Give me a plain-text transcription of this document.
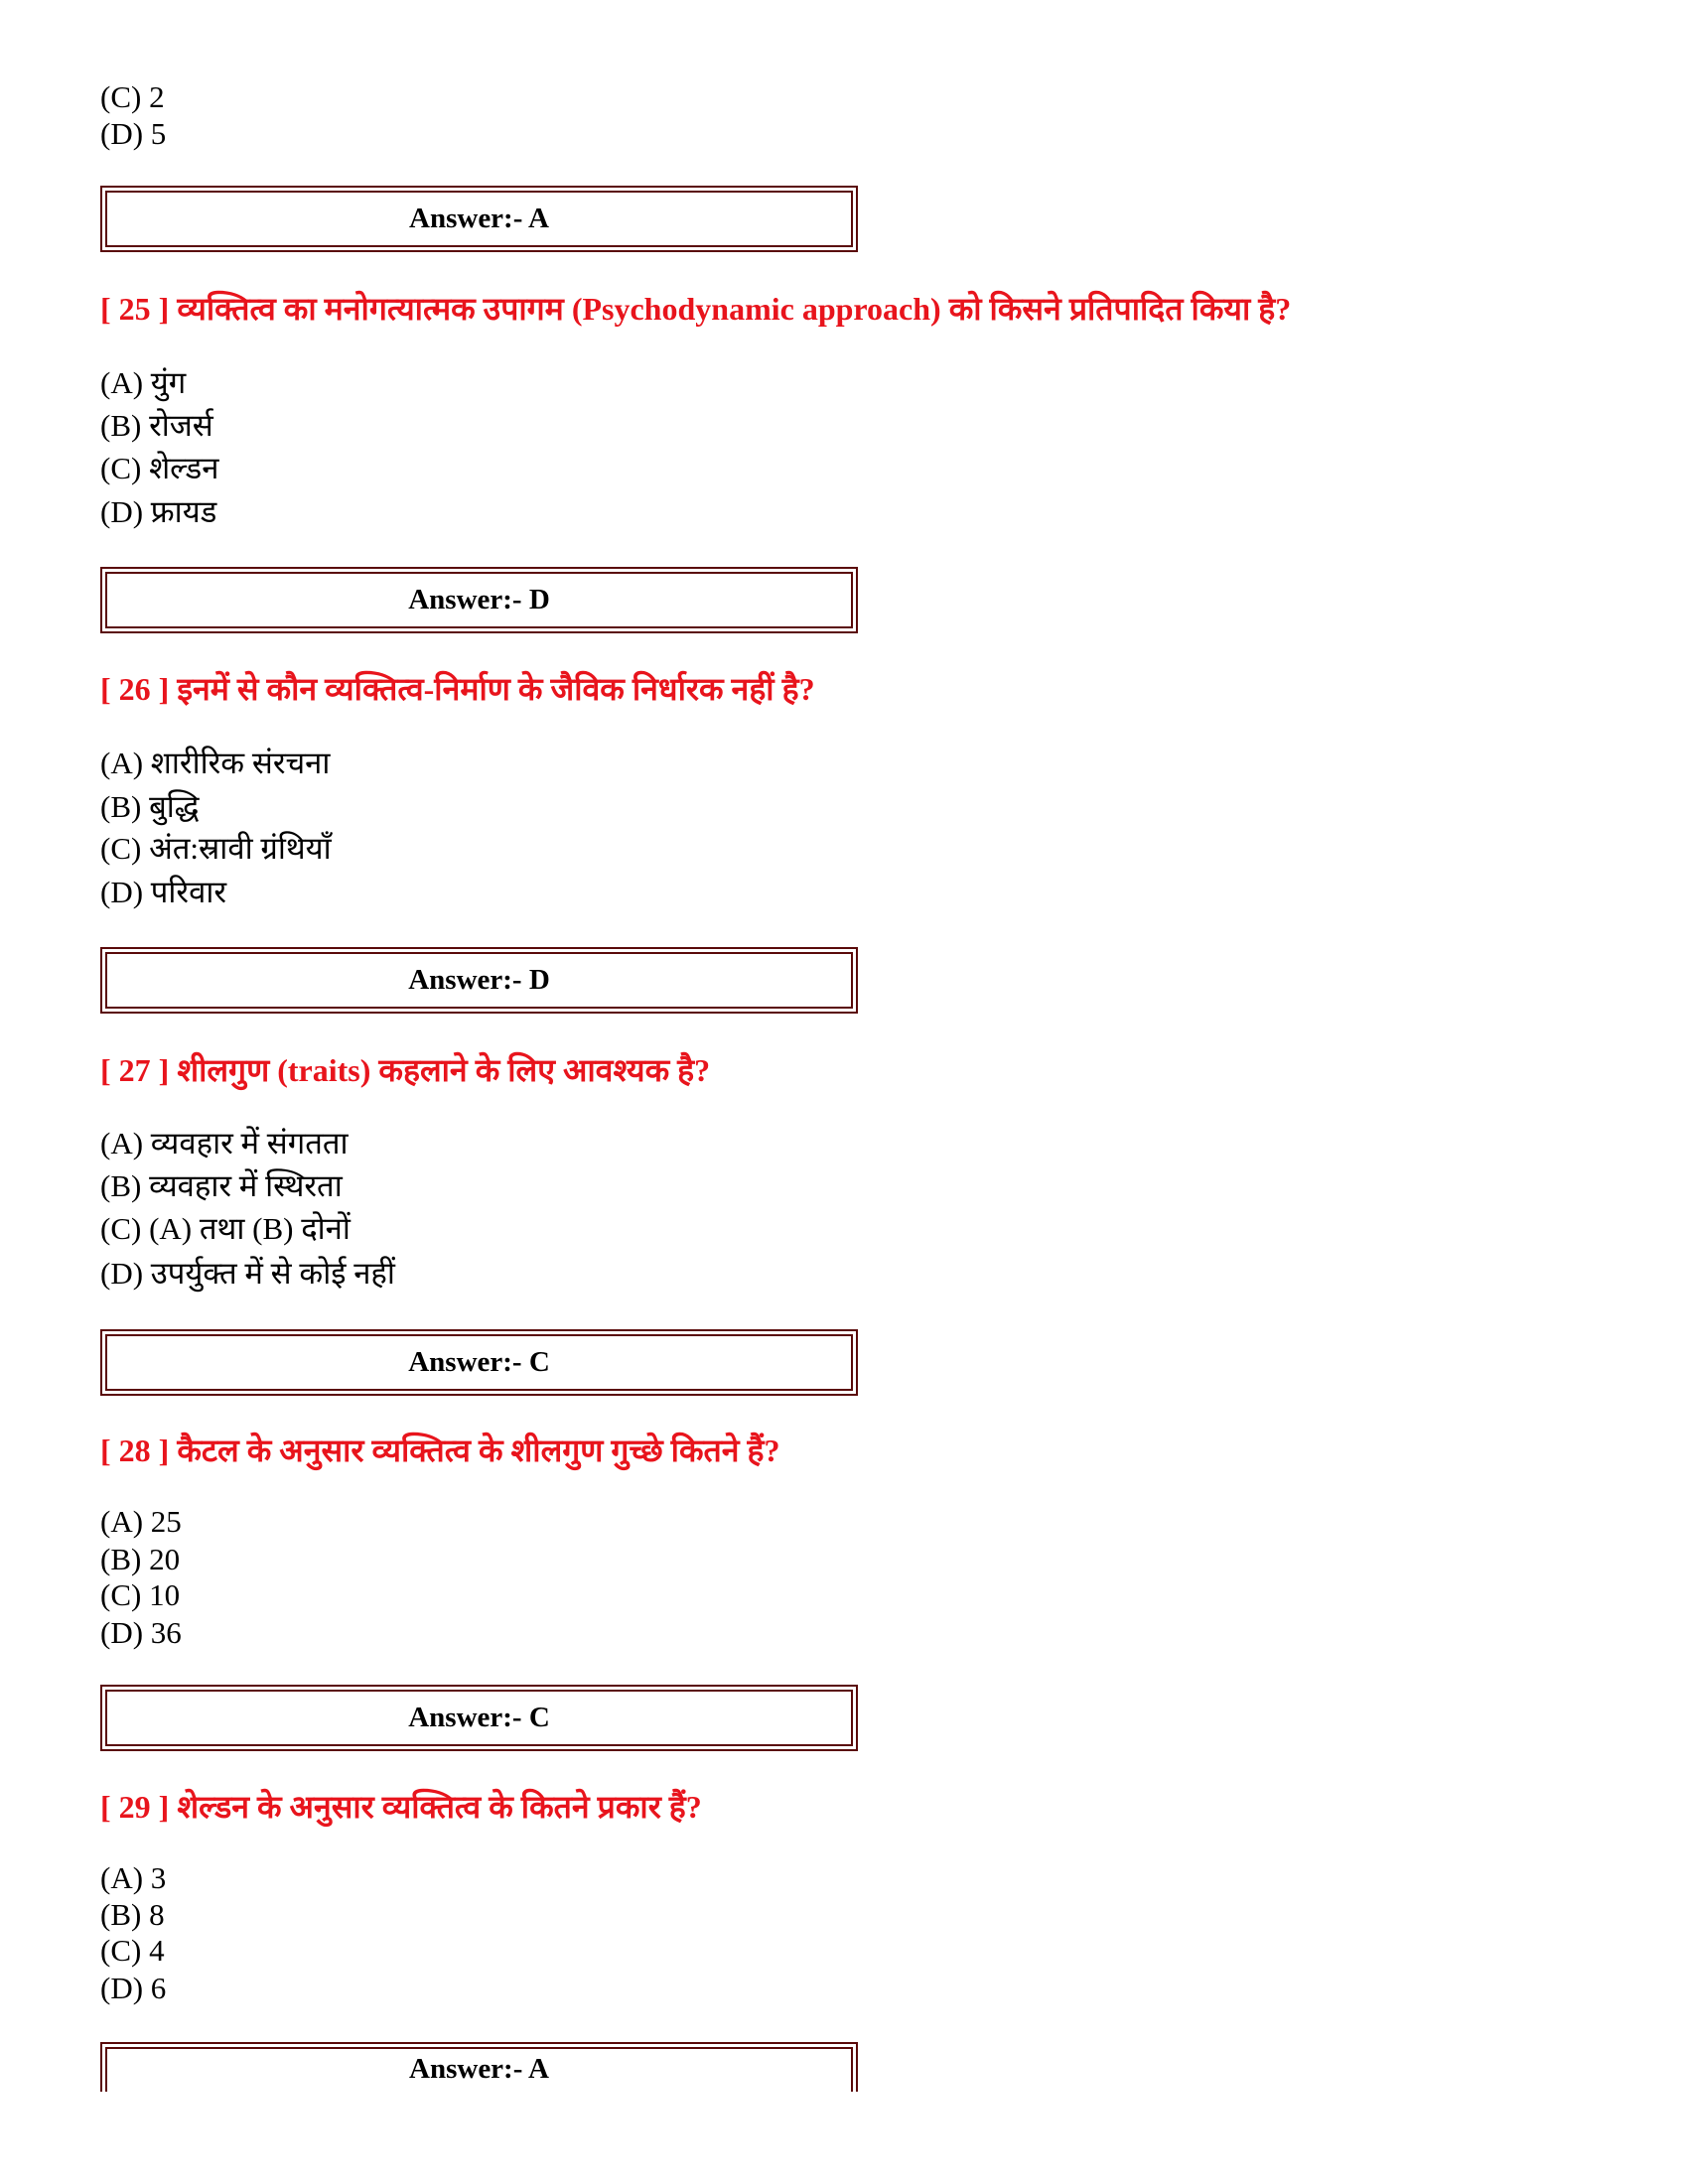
(C) 2
(D) 5
Answer:- A
[ 25 ] व्यक्तित्व का मनोगत्यात्मक उपागम (Psychodynamic approach) को किसने प्रतिपादित किया है?
(A) युंग
(B) रोजर्स
(C) शेल्डन
(D) फ्रायड
Answer:- D
[ 26 ] इनमें से कौन व्यक्तित्व-निर्माण के जैविक निर्धारक नहीं है?
(A) शारीरिक संरचना
(B) बुद्धि
(C) अंत:स्रावी ग्रंथियाँ
(D) परिवार
Answer:- D
[ 27 ] शीलगुण (traits) कहलाने के लिए आवश्यक है?
(A) व्यवहार में संगतता
(B) व्यवहार में स्थिरता
(C) (A) तथा (B) दोनों
(D) उपर्युक्त में से कोई नहीं
Answer:- C
[ 28 ] कैटल के अनुसार व्यक्तित्व के शीलगुण गुच्छे कितने हैं?
(A) 25
(B) 20
(C) 10
(D) 36
Answer:- C
[ 29 ] शेल्डन के अनुसार व्यक्तित्व के कितने प्रकार हैं?
(A) 3
(B) 8
(C) 4
(D) 6
Answer:- A
